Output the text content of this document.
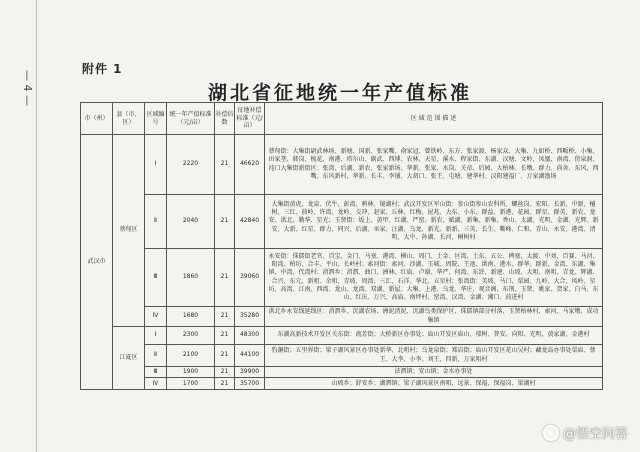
— 4 —
附件 1
湖北省征地统一年产值标准
市（州）	县（市、区）	区域编号	统一年产值标准（元/亩）	补偿倍数	征地补偿标准（元/亩）	区 域 范 围 描 述
武汉市	蔡甸区	Ⅰ	2220	21	46620	蔡甸街：大集街尉武林场、新塘、国新、张家嘴、俞家冠、曾铁岭、东方、张家渡、杨家众、大集、九如桥、西畈桥、小集、田家垄、韩岗、梳花、南港、塔尔山、副武、西博、农林、天星、溪水、程家街、东湖、汉塘、文岭、凤凰、南湾、傍泉洞、沌口大集街新街区：张湾、后湖、新农、张家新场、华新、张家、水岗、关帝、后园、大柏林、长墩、群力、尚舍、东风、西嘴、东风新村、华新、长丰、李铺、大胡口、张王、屯塘、建华村、汉阳建福厂、万家湖渔场
		Ⅱ	2040	21	42840	大集街黄虎、龙泉、伏牛、彭湾、鸦林、镜湖村；武汉开发区军山街：参山街参山农科所、螺丝岗、宏阳、长新、中原、檀树、三红、前岭、许湾、龙岭、交冲、赵家、丘林、红梅、昆兆、大东、小东、群益、新港、花园、群星、群英、新农、龙安、洪北、勤华、星光；玉贤街：坂上、黄甲、红湖、严窑、新农、斌湖、新集、新集、香山、太湖、光明、金湖、光辉、新安、大新、红星、群力、同兴、后湖、巫家、汪湖、乌龙、新光、新新、三英、长生、嘶峰、仁和、青山、永安、港湾、清明、大中、孙湖、长河、桐树村
		Ⅲ	1860	21	39060	永安街：侏儒街老官、百宝、金门、马塞、港湾、横山、周门、土金、区湾、土东、五公、稗塞、太渡、中刘、百赛、马河、阳湾、柏坊、合丰、平山、长岭村；索河街：索河、沙湖、玉城、周院、王池、洪南、港水、群华、群新、金湾、东湖、集镇、中湾、代湾村；消泗乡：消泗、曲口、洲林、红庙、卢谢、华严、何湾、东浒、新建、山坡、大咀、南咀、青龙、辉湖、合兴、东元、新咀、余咀、青坡、周湾、三汇、石洋、华北、五星村；张湾街：美坡、马口、栗园、九岭、大合、凤岭、星坊、高湾、江南、西湾、龙山、龙湾、双湖、新屋、大集、上港、乌龙、华庄、观音阁、东荆、玉贤、姚家、贺家、白马、东山、红庆、万兴、高庙、南坪村、窑湾、汉湾、金湖、湘口、前进村
		Ⅳ	1680	21	35280	洪北乡永安线延线区：消泗乡、沉湖农场、洲泥渣泥、沉湖鸟类保护区、侏儒镇部分村落、玉贤柏林村、索河、马家墩、成功集镇
	江夏区	Ⅰ	2300	21	48300	东湖高新技术开发区关东街：流芳街；大桥新区办事处；庙山开发区庙山、邬树、普安、向阳、光明、黄家湖、金港村
		Ⅱ	2100	21	44100	豹澥街；五里界街；梁子湖风景区办事处新华、北咀村；乌龙泉街；郑店街；庙山开发区花山吴村；藏龙岛办事处栗庙、蔡王、大李、小李、刘王、四新、万家咀村
		Ⅲ	1900	21	39900	法泗镇；安山镇；金水办事处
		Ⅳ	1700	21	35700	山坡乡；舒安乡；湖泗镇；梁子湖风景区南咀、远景、保福、保福岗、梁湖村
@悟空问答
